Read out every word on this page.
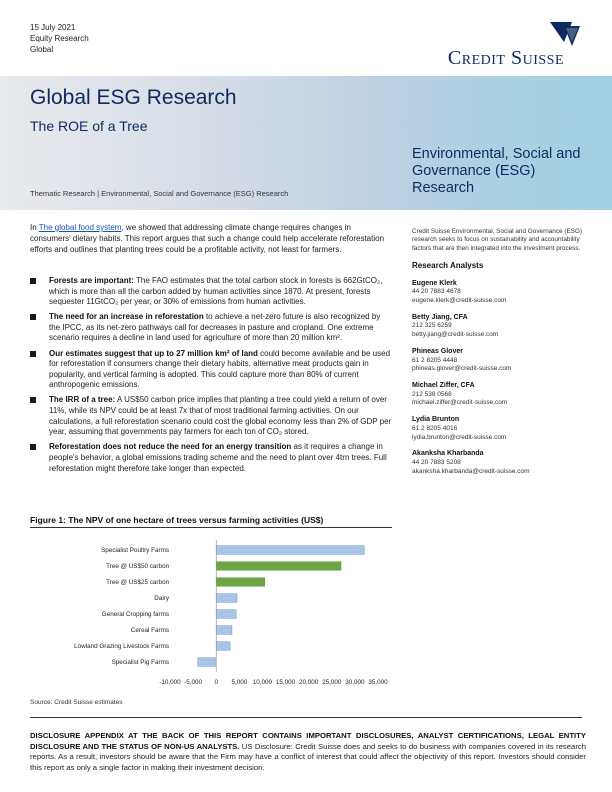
15 July 2021
Equity Research
Global	Credit Suisse
Global ESG Research
The ROE of a Tree
Environmental, Social and Governance (ESG) Research
Thematic Research | Environmental, Social and Governance (ESG) Research

In The global food system, we showed that addressing climate change requires changes in consumers' dietary habits. This report argues that such a change could help accelerate reforestation efforts and outlines that planting trees could be a profitable activity, not least for farmers.

Forests are important: The FAO estimates that the total carbon stock in forests is 662GtCO₂, which is more than all the carbon added by human activities since 1870. At present, forests sequester 11GtCO₂ per year, or 30% of emissions from human activities.
The need for an increase in reforestation to achieve a net-zero future is also recognized by the IPCC, as its net-zero pathways call for decreases in pasture and cropland. One extreme scenario requires a decline in land used for agriculture of more than 20 million km².
Our estimates suggest that up to 27 million km² of land could become available and be used for reforestation if consumers change their dietary habits, alternative meat products gain in popularity, and vertical farming is adopted. This could capture more than 80% of current anthropogenic emissions.
The IRR of a tree: A US$50 carbon price implies that planting a tree could yield a return of over 11%, while its NPV could be at least 7x that of most traditional farming activities. On our calculations, a full reforestation scenario could cost the global economy less than 2% of GDP per year, assuming that governments pay farmers for each ton of CO₂ stored.
Reforestation does not reduce the need for an energy transition as it requires a change in people's behavior, a global emissions trading scheme and the need to plant over 4trn trees. Full reforestation might therefore take longer than expected.
Figure 1: The NPV of one hectare of trees versus farming activities (US$)
Specialist Poultry Farms
Tree @ US$50 carbon
Tree @ US$25 carbon
Dairy
General Cropping farms
Cereal Farms
Lowland Grazing Livestock Farms
Specialist Pig Farms
-10,000 -5,000 0 5,000 10,000 15,000 20,000 25,000 30,000 35,000
Source: Credit Suisse estimates

Credit Suisse Environmental, Social and Governance (ESG) research seeks to focus on sustainability and accountability factors that are then integrated into the investment process.

Research Analysts
Eugene Klerk
44 20 7883 4678
eugene.klerk@credit-suisse.com
Betty Jiang, CFA
212 325 6259
betty.jiang@credit-suisse.com
Phineas Glover
61 2 8205 4448
phineas.glover@credit-suisse.com
Michael Ziffer, CFA
212 538 0568
michael.ziffer@credit-suisse.com
Lydia Brunton
61 2 8205 4016
lydia.brunton@credit-suisse.com
Akanksha Kharbanda
44 20 7883 5208
akanksha.kharbanda@credit-suisse.com

DISCLOSURE APPENDIX AT THE BACK OF THIS REPORT CONTAINS IMPORTANT DISCLOSURES, ANALYST CERTIFICATIONS, LEGAL ENTITY DISCLOSURE AND THE STATUS OF NON-US ANALYSTS. US Disclosure: Credit Suisse does and seeks to do business with companies covered in its research reports. As a result, investors should be aware that the Firm may have a conflict of interest that could affect the objectivity of this report. Investors should consider this report as only a single factor in making their investment decision.
